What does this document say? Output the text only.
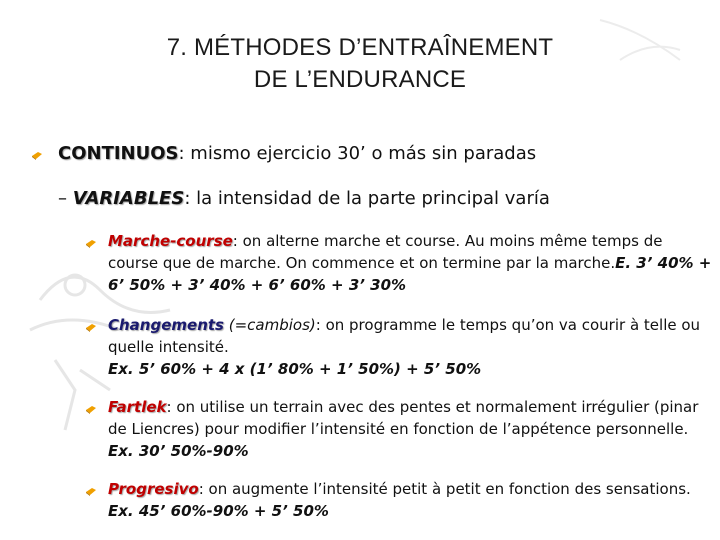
7. MÉTHODES D’ENTRAÎNEMENT
DE L’ENDURANCE
CONTINUOS: mismo ejercicio 30’ o más sin paradas
– VARIABLES: la intensidad de la parte principal varía
Marche-course: on alterne marche et course. Au moins même temps de course que de marche. On commence et on termine par la marche.E. 3’ 40% + 6’ 50% + 3’ 40% + 6’ 60% + 3’ 30%
Changements (=cambios): on programme le temps qu’on va courir à telle ou quelle intensité.
Ex. 5’ 60% + 4 x (1’ 80% + 1’ 50%) + 5’ 50%
Fartlek: on utilise un terrain avec des pentes et normalement irrégulier (pinar de Liencres) pour modifier l’intensité en fonction de l’appétence personnelle. Ex. 30’ 50%-90%
Progresivo: on augmente l’intensité petit à petit en fonction des sensations. Ex. 45’ 60%-90% + 5’ 50%
